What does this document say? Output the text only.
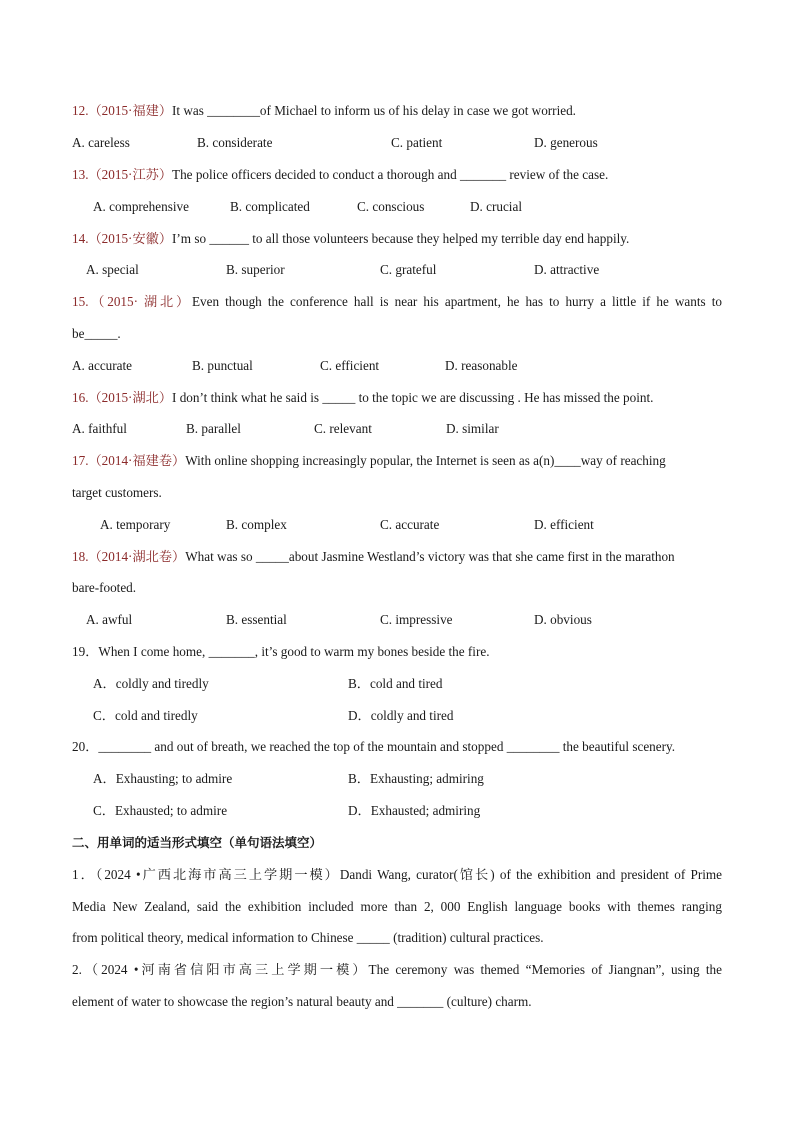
12.（2015·福建）It was ________of Michael to inform us of his delay in case we got worried.
A. careless	B. considerate	C. patient	D. generous
13.（2015·江苏）The police officers decided to conduct a thorough and _______ review of the case.
A. comprehensive	B. complicated	C. conscious	D. crucial
14.（2015·安徽）I’m so ______ to all those volunteers because they helped my terrible day end happily.
A. special	B. superior	C. grateful	D. attractive
15.（2015· 湖北）Even though the conference hall is near his apartment, he has to hurry a little if he wants to
be_____.
A. accurate	B. punctual	C. efficient	D. reasonable
16.（2015·湖北）I don’t think what he said is _____ to the topic we are discussing . He has missed the point.
A. faithful	B. parallel	C. relevant	D. similar
17.（2014·福建卷）With online shopping increasingly popular, the Internet is seen as a(n)____way of reaching
target customers.
A. temporary	B. complex	C. accurate	D. efficient
18.（2014·湖北卷）What was so _____about Jasmine Westland’s victory was that she came first in the marathon
bare-footed.
A. awful	B. essential	C. impressive	D. obvious
19．When I come home, _______, it’s good to warm my bones beside the fire.
A．coldly and tiredly	B．cold and tired
C．cold and tiredly	D．coldly and tired
20．________ and out of breath, we reached the top of the mountain and stopped ________ the beautiful scenery.
A．Exhausting; to admire	B．Exhausting; admiring
C．Exhausted; to admire	D．Exhausted; admiring
二、用单词的适当形式填空（单句语法填空）
1．（2024 •广西北海市高三上学期一模）Dandi Wang, curator(馆长) of the exhibition and president of Prime
Media New Zealand, said the exhibition included more than 2, 000 English language books with themes ranging
from political theory, medical information to Chinese _____ (tradition) cultural practices.
2.（2024 •河南省信阳市高三上学期一模）The ceremony was themed “Memories of Jiangnan”, using the
element of water to showcase the region’s natural beauty and _______ (culture) charm.
